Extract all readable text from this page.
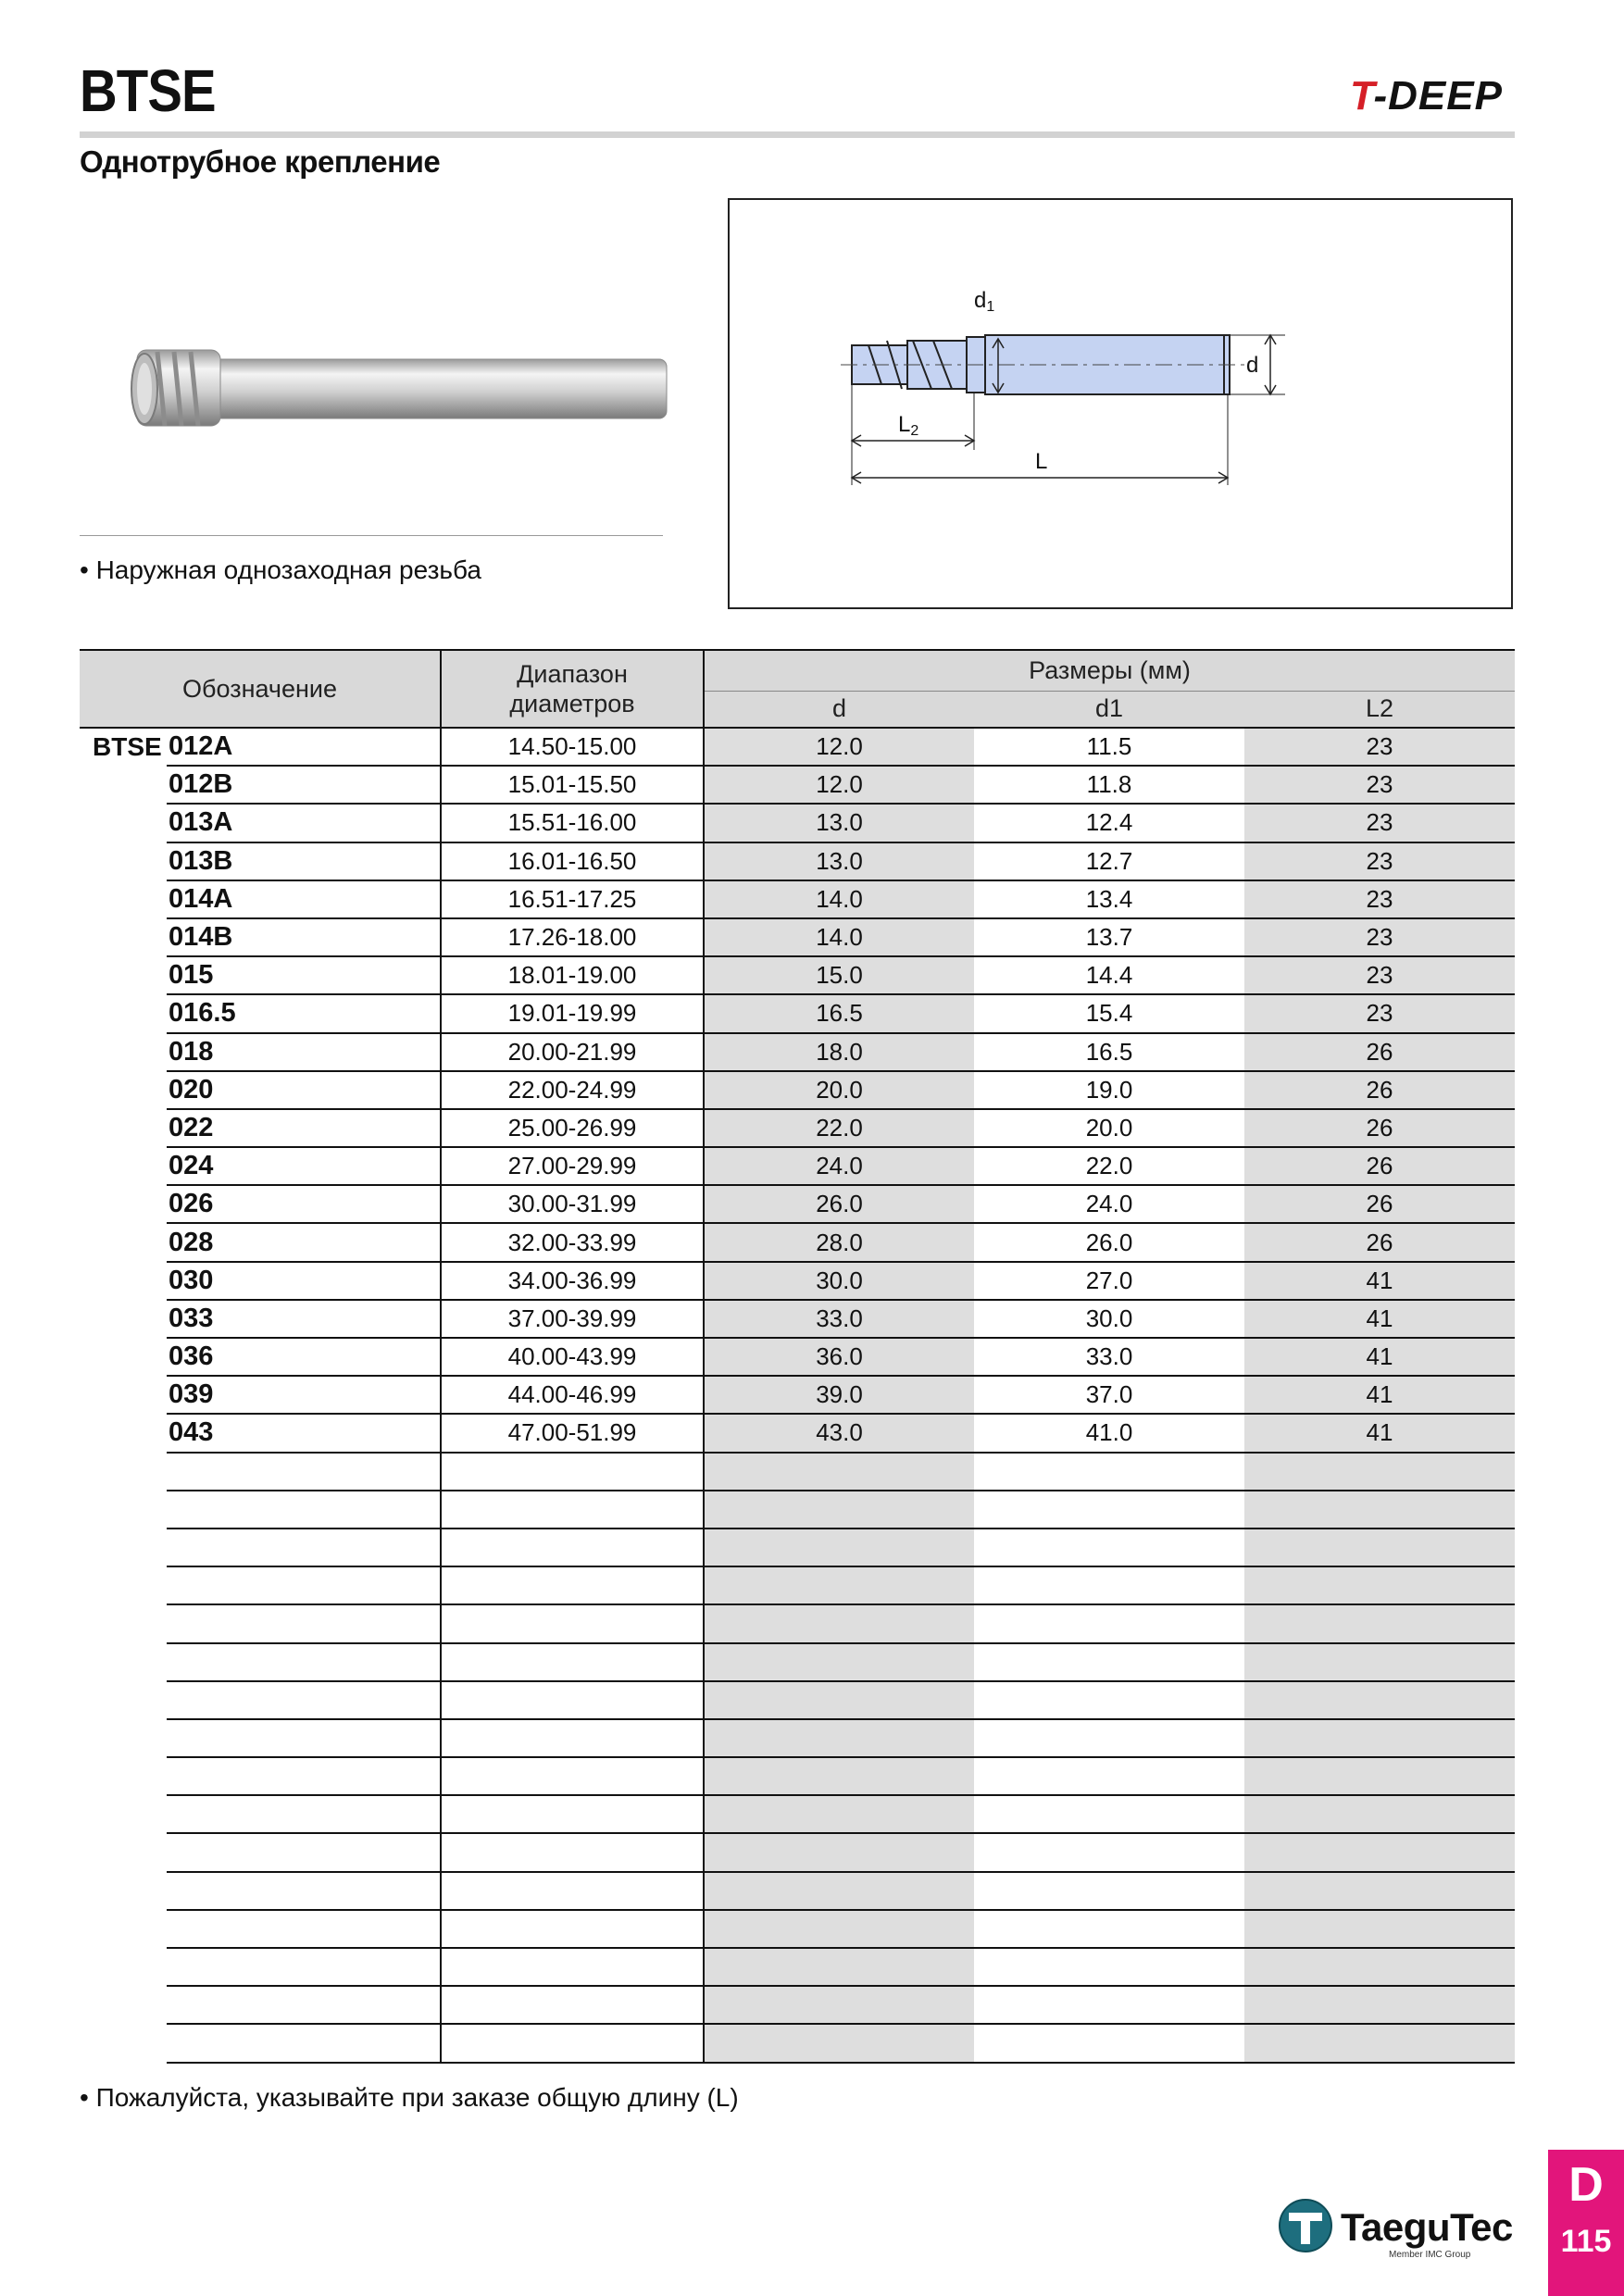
BTSE	T-DEEP
Однотрубное крепление
• Наружная однозаходная резьба
d1
d
L2
L
Обозначение		Диапазон
диаметров	Размеры (мм)		
			d	d1	L2
BTSE	012A	14.50-15.00	12.0	11.5	23
	012B	15.01-15.50	12.0	11.8	23
	013A	15.51-16.00	13.0	12.4	23
	013B	16.01-16.50	13.0	12.7	23
	014A	16.51-17.25	14.0	13.4	23
	014B	17.26-18.00	14.0	13.7	23
	015	18.01-19.00	15.0	14.4	23
	016.5	19.01-19.99	16.5	15.4	23
	018	20.00-21.99	18.0	16.5	26
	020	22.00-24.99	20.0	19.0	26
	022	25.00-26.99	22.0	20.0	26
	024	27.00-29.99	24.0	22.0	26
	026	30.00-31.99	26.0	24.0	26
	028	32.00-33.99	28.0	26.0	26
	030	34.00-36.99	30.0	27.0	41
	033	37.00-39.99	33.0	30.0	41
	036	40.00-43.99	36.0	33.0	41
	039	44.00-46.99	39.0	37.0	41
	043	47.00-51.99	43.0	41.0	41

• Пожалуйста, указывайте при заказе общую длину (L)
TaeguTec
Member IMC Group
D
115
